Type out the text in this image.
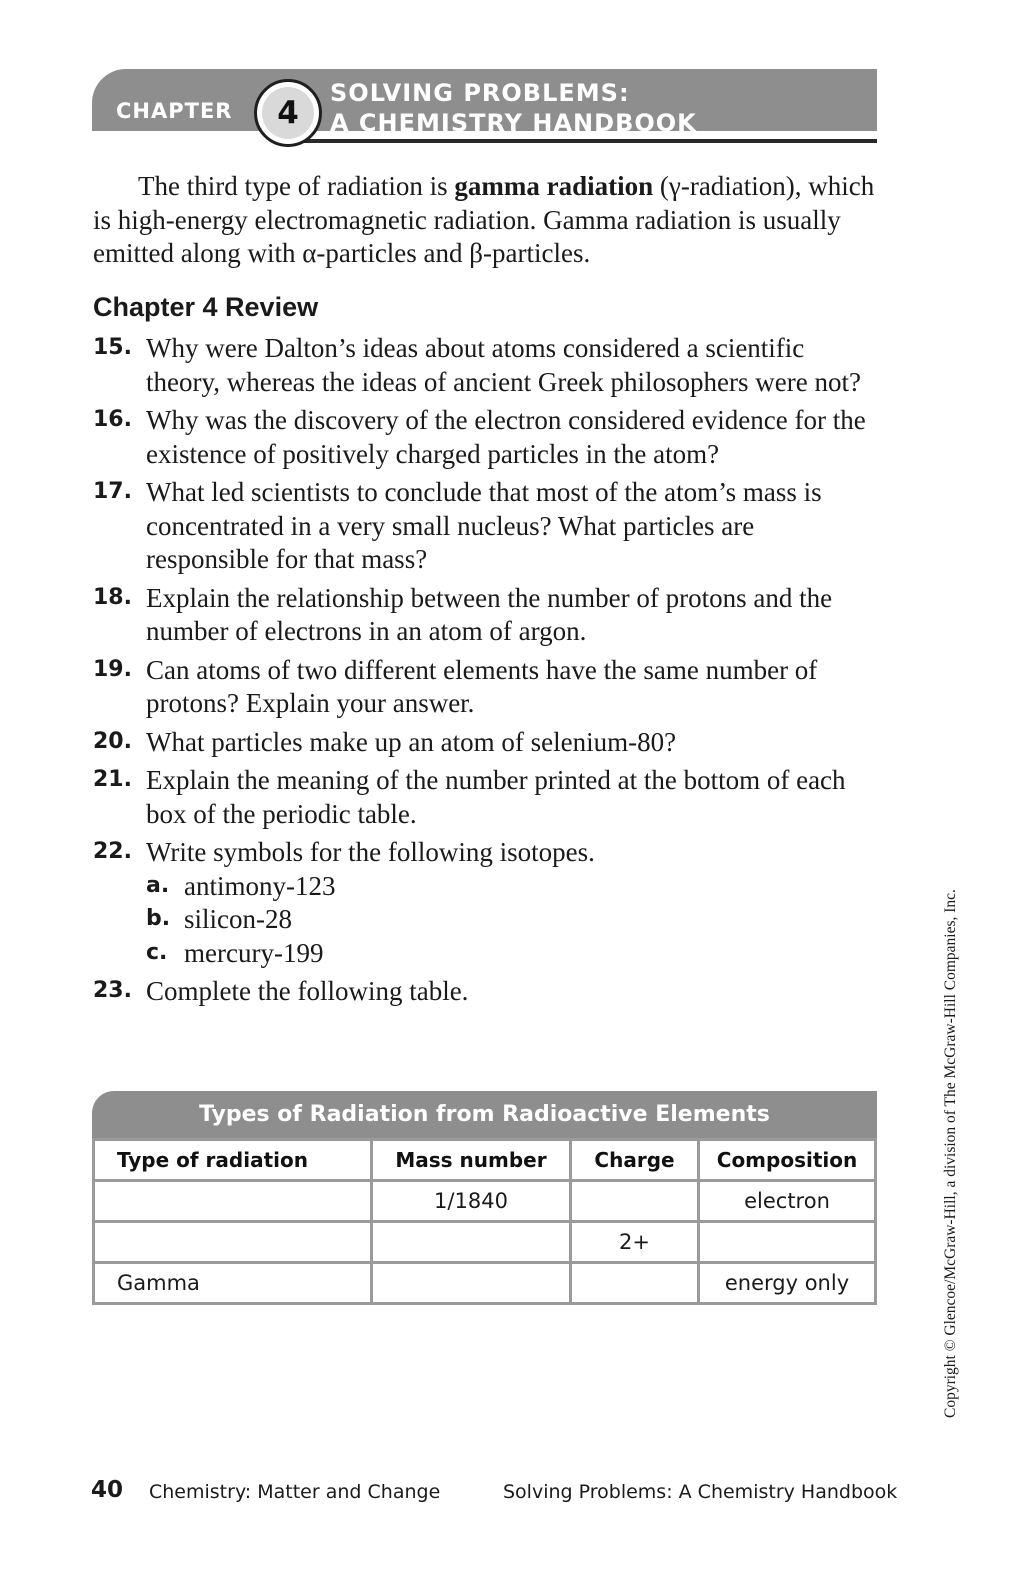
CHAPTER	4
SOLVING PROBLEMS:
A CHEMISTRY HANDBOOK
The third type of radiation is gamma radiation (γ-radiation), which is high-energy electromagnetic radiation. Gamma radiation is usually emitted along with α-particles and β-particles.
Chapter 4 Review
15. Why were Dalton’s ideas about atoms considered a scientific theory, whereas the ideas of ancient Greek philosophers were not?
16. Why was the discovery of the electron considered evidence for the existence of positively charged particles in the atom?
17. What led scientists to conclude that most of the atom’s mass is concentrated in a very small nucleus? What particles are responsible for that mass?
18. Explain the relationship between the number of protons and the number of electrons in an atom of argon.
19. Can atoms of two different elements have the same number of protons? Explain your answer.
20. What particles make up an atom of selenium-80?
21. Explain the meaning of the number printed at the bottom of each box of the periodic table.
22. Write symbols for the following isotopes.
a. antimony-123
b. silicon-28
c. mercury-199
23. Complete the following table.
Types of Radiation from Radioactive Elements
Type of radiation	Mass number	Charge	Composition
	1/1840		electron
		2+	
Gamma			energy only	Copyright © Glencoe/McGraw-Hill, a division of The McGraw-Hill Companies, Inc.
40 Chemistry: Matter and Change	Solving Problems: A Chemistry Handbook
